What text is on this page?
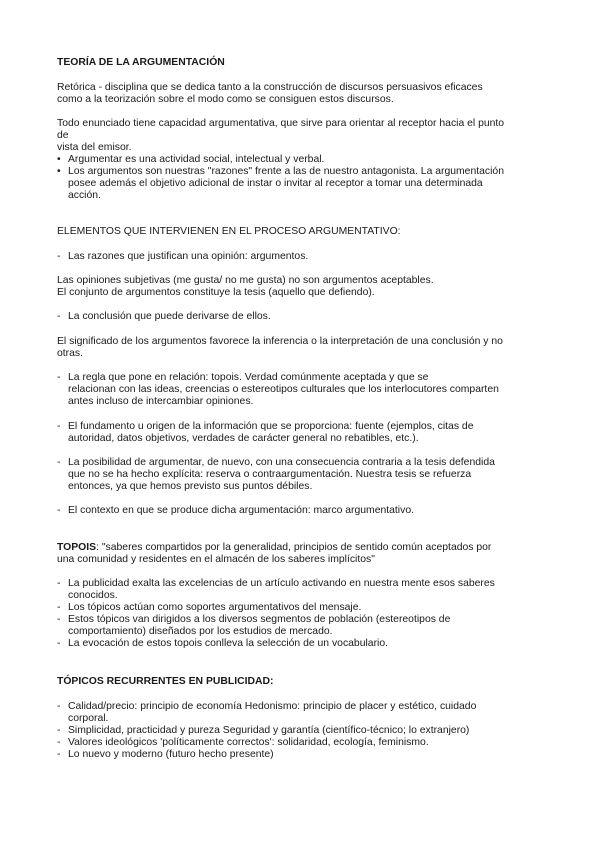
TEORÍA DE LA ARGUMENTACIÓN
Retórica - disciplina que se dedica tanto a la construcción de discursos persuasivos eficaces
como a la teorización sobre el modo como se consiguen estos discursos.
Todo enunciado tiene capacidad argumentativa, que sirve para orientar al receptor hacia el punto
de
vista del emisor.
• Argumentar es una actividad social, intelectual y verbal.
• Los argumentos son nuestras "razones" frente a las de nuestro antagonista. La argumentación
posee además el objetivo adicional de instar o invitar al receptor a tomar una determinada
acción.
ELEMENTOS QUE INTERVIENEN EN EL PROCESO ARGUMENTATIVO:
- Las razones que justifican una opinión: argumentos.
Las opiniones subjetivas (me gusta/ no me gusta) no son argumentos aceptables.
El conjunto de argumentos constituye la tesis (aquello que defiendo).
- La conclusión que puede derivarse de ellos.
El significado de los argumentos favorece la inferencia o la interpretación de una conclusión y no
otras.
- La regla que pone en relación: topois. Verdad comúnmente aceptada y que se
relacionan con las ideas, creencias o estereotipos culturales que los interlocutores comparten
antes incluso de intercambiar opiniones.
- El fundamento u origen de la información que se proporciona: fuente (ejemplos, citas de
autoridad, datos objetivos, verdades de carácter general no rebatibles, etc.).
- La posibilidad de argumentar, de nuevo, con una consecuencia contraria a la tesis defendida
que no se ha hecho explícita: reserva o contraargumentación. Nuestra tesis se refuerza
entonces, ya que hemos previsto sus puntos débiles.
- El contexto en que se produce dicha argumentación: marco argumentativo.
TOPOIS: "saberes compartidos por la generalidad, principios de sentido común aceptados por
una comunidad y residentes en el almacén de los saberes implícitos"
- La publicidad exalta las excelencias de un artículo activando en nuestra mente esos saberes
conocidos.
- Los tópicos actúan como soportes argumentativos del mensaje.
- Estos tópicos van dirigidos a los diversos segmentos de población (estereotipos de
comportamiento) diseñados por los estudios de mercado.
- La evocación de estos topois conlleva la selección de un vocabulario.
TÓPICOS RECURRENTES EN PUBLICIDAD:
- Calidad/precio: principio de economía Hedonismo: principio de placer y estético, cuidado
corporal.
- Simplicidad, practicidad y pureza Seguridad y garantía (científico-técnico; lo extranjero)
- Valores ideológicos 'políticamente correctos': solidaridad, ecología, feminismo.
- Lo nuevo y moderno (futuro hecho presente)
